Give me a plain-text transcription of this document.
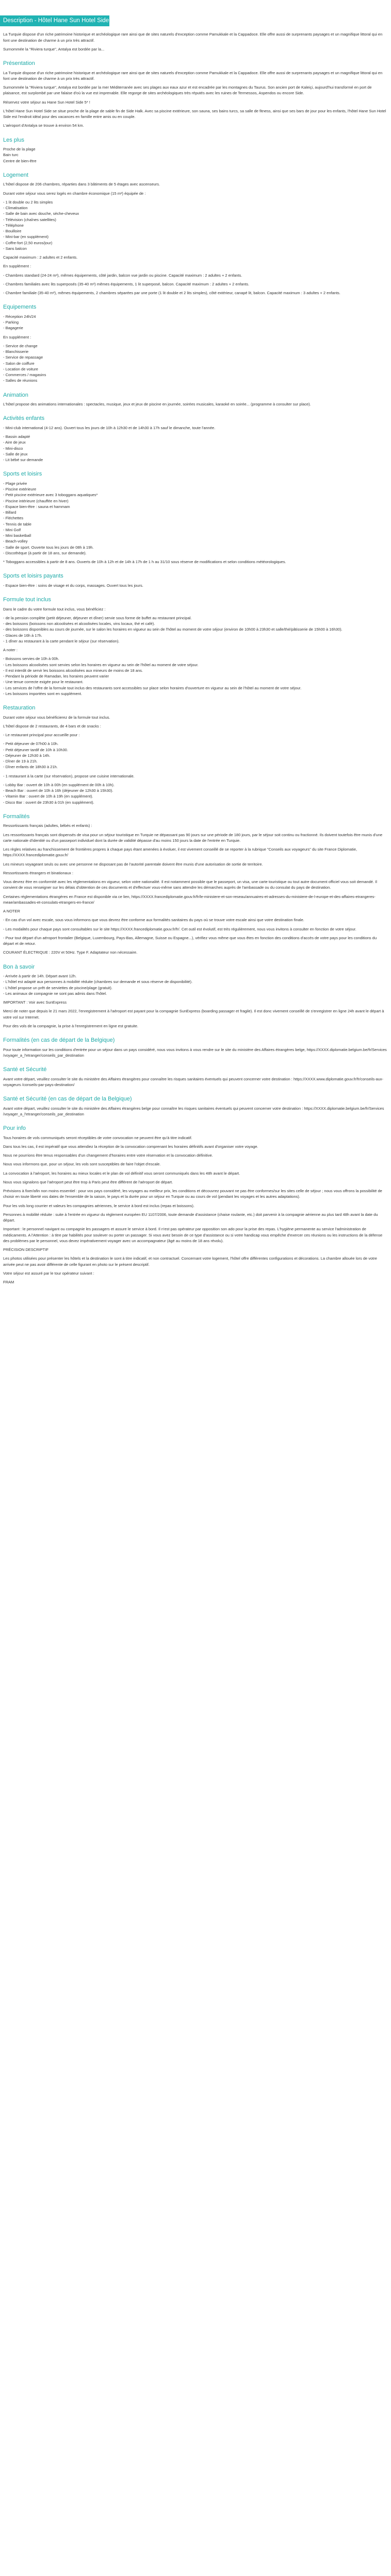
Description - Hôtel Hane Sun Hotel Side *****

La Turquie dispose d'un riche patrimoine historique et archéologique rare ainsi que de sites naturels d'exception comme Pamukkale et la Cappadoce. Elle offre aussi de surprenants paysages et un magnifique littoral qui en font une destination de charme à un prix très attractif.

Surnommée la "Riviera turque", Antalya est bordée par la...

Présentation

La Turquie dispose d'un riche patrimoine historique et archéologique rare ainsi que de sites naturels d'exception comme Pamukkale et la Cappadoce. Elle offre aussi de surprenants paysages et un magnifique littoral qui en font une destination de charme à un prix très attractif.

Surnommée la "Riviera turque", Antalya est bordée par la mer Méditerranée avec ses plages aux eaux azur et est encadrée par les montagnes du Taurus. Son ancien port de Kaleiçi, aujourd'hui transformé en port de plaisance, est surplombé par une falaise d'où la vue est imprenable. Elle regorge de sites archéologiques très réputés avec les ruines de Termessos, Aspendos ou encore Side.

Réservez votre séjour au Hane Sun Hotel Side 5* !

L'hôtel Hane Sun Hotel Side se situe proche de la plage de sable fin de Side Halk. Avec sa piscine extérieure, son sauna, ses bains turcs, sa salle de fitness, ainsi que ses bars de jour pour les enfants, l'hôtel Hane Sun Hotel Side est l'endroit idéal pour des vacances en famille entre amis ou en couple.

L'aéroport d'Antalya se trouve à environ 54 km.

Les plus
Proche de la plage
Bain turc
Centre de bien-être
Logement

L'hôtel dispose de 206 chambres, réparties dans 3 bâtiments de 5 étages avec ascenseurs.

Durant votre séjour vous serez logés en chambre économique (15 m²) équipée de :

- 1 lit double ou 2 lits simples
- Climatisation
- Salle de bain avec douche, sèche-cheveux
- Télévision (chaînes satellites)
- Téléphone
- Bouilloire
- Mini-bar (en supplément)
- Coffre-fort (2,50 euros/jour)
- Sans balcon

Capacité maximum : 2 adultes et 2 enfants.

En supplément :

- Chambres standard (24-24 m²), mêmes équipements, côté jardin, balcon vue jardin ou piscine. Capacité maximum : 2 adultes + 2 enfants.

- Chambres familiales avec lits superposés (35-40 m²) mêmes équipements, 1 lit superposé, balcon. Capacité maximum : 2 adultes + 2 enfants.

- Chambre familiale (35-40 m²), mêmes équipements, 2 chambres séparées par une porte (1 lit double et 2 lits simples), côté extérieur, canapé lit, balcon. Capacité maximum : 3 adultes + 2 enfants.

Equipements
- Réception 24h/24
- Parking
- Bagagerie

En supplément :

- Service de change
- Blanchisserie
- Service de repassage
- Salon de coiffure
- Location de voiture
- Commerces / magasins
- Salles de réunions
Animation

L'hôtel propose des animations internationales : spectacles, musique, jeux et jeux de piscine en journée, soirées musicales, karaoké en soirée... (programme à consulter sur place).

Activités enfants

- Mini-club international (4-12 ans). Ouvert tous les jours de 10h à 12h30 et de 14h30 à 17h sauf le dimanche, toute l'année.

- Bassin adapté
- Aire de jeux
- Mini-disco
- Salle de jeux
- Lit bébé sur demande
Sports et loisirs
- Plage privée
- Piscine extérieure
- Petit piscine extérieure avec 3 toboggans aquatiques*
- Piscine intérieure (chauffée en hiver)
- Espace bien-être : sauna et hammam
- Billard
- Fléchettes
- Tennis de table
- Mini Golf
- Mini basketball
- Beach-volley
- Salle de sport. Ouverte tous les jours de 08h à 19h.
- Discothèque (à partir de 18 ans, sur demande).

* Toboggans accessibles à partir de 8 ans. Ouverts de 10h à 12h et de 14h à 17h de 1 h au 31/10 sous réserve de modifications et selon conditions météorologiques.

Sports et loisirs payants

- Espace bien-être : soins de visage et du corps, massages. Ouvert tous les jours.

Formule tout inclus

Dans le cadre du votre formule tout inclus, vous bénéficiez :

- de la pension complète (petit déjeuner, déjeuner et dîner) servie sous forme de buffet au restaurant principal.
- des boissons (boissons non alcoolisées et alcoolisées locales, vins locaux, thé et café).
- des boissons disponibles au cours de journée, sur le salon les horaires en vigueur au sein de l'hôtel au moment de votre séjour (environ de 10h00 à 23h30 et salle/thé/pâtisserie de 15h00 à 16h30).
- Glaces de 16h à 17h.
- 1 dîner au restaurant à la carte pendant le séjour (sur réservation).

A noter :

- Boissons servies de 10h à 00h.
- Les boissons alcoolisées sont servies selon les horaires en vigueur au sein de l'hôtel au moment de votre séjour.
- Il est interdit de servir les boissons alcoolisées aux mineurs de moins de 18 ans.
- Pendant la période de Ramadan, les horaires peuvent varier
- Une tenue correcte exigée pour le restaurant.
- Les services de l'offre de la formule tout inclus des restaurants sont accessibles sur place selon horaires d'ouverture en vigueur au sein de l'hôtel au moment de votre séjour.
- Les boissons importées sont en supplément.
Restauration

Durant votre séjour vous bénéficierez de la formule tout inclus.

L'hôtel dispose de 2 restaurants, de 4 bars et de snacks :

- Le restaurant principal pour accueille pour :

- Petit déjeuner de 07h00 à 10h.
- Petit déjeuner tardif de 10h à 10h30.
- Déjeuner de 12h30 à 14h.
- Dîner de 19 à 21h.
- Dîner enfants de 18h30 à 21h.

- 1 restaurant à la carte (sur réservation), propose une cuisine internationale.

- Lobby Bar : ouvert de 10h à 00h (en supplément de 00h à 10h).
- Beach Bar : ouvert de 10h à 16h (déjeuner de 12h30 à 15h30).
- Vitamin Bar : ouvert de 10h à 19h (en supplément).
- Disco Bar : ouvert de 23h30 à 01h (en supplément).
Formalités

Ressortissants français (adultes, bébés et enfants) :

Les ressortissants français sont dispensés de visa pour un séjour touristique en Turquie ne dépassant pas 90 jours sur une période de 180 jours, par le séjour soit continu ou fractionné. Ils doivent toutefois être munis d'une carte nationale d'identité ou d'un passeport individuel dont la durée de validité dépasse d'au moins 150 jours la date de l'entrée en Turquie.

Les règles relatives au franchissement de frontières propres à chaque pays étant amenées à évoluer, il est vivement conseillé de se reporter à la rubrique "Conseils aux voyageurs" du site France Diplomatie, https://XXXX.francediplomatie.gouv.fr/

Les mineurs voyageant seuls ou avec une personne ne disposant pas de l'autorité parentale doivent être munis d'une autorisation de sortie de territoire.

Ressortissants étrangers et binationaux :

Vous devrez être en conformité avec les réglementations en vigueur, selon votre nationalité. Il est notamment possible que le passeport, un visa, une carte touristique ou tout autre document officiel vous soit demandé. Il convient de vous renseigner sur les délais d'obtention de ces documents et d'effectuer vous-même sans attendre les démarches auprès de l'ambassade ou du consulat du pays de destination.

Certaines réglementations étrangères en France est disponible via ce lien, https://XXXX.francediplomatie.gouv.fr/fr/le-ministere-et-son-reseau/annuaires-et-adresses-du-ministere-de-l-europe-et-des-affaires-etrangeres-meae/ambassades-et-consulats-etrangers-en-france/

A NOTER

- En cas d'un vol avec escale, sous vous informons que vous devrez être conforme aux formalités sanitaires du pays où se trouve votre escale ainsi que votre destination finale.

- Les modalités pour chaque pays sont consultables sur le site https://XXXX.francediplomatie.gouv.fr/fr/. Cet outil est évolutif, est très régulièrement, nous vous invitons à consulter en fonction de votre séjour.

- Pour tout départ d'un aéroport frontalier (Belgique, Luxembourg, Pays-Bas, Allemagne, Suisse ou Espagne...), vérifiez vous même que vous êtes en fonction des conditions d'accès de votre pays pour les conditions du départ et de retour.

COURANT ÉLECTRIQUE : 220V et 50Hz. Type F. Adaptateur non nécessaire.

Bon à savoir
- Arrivée à partir de 14h. Départ avant 12h.
- L'hôtel est adapté aux personnes à mobilité réduite (chambres sur demande et sous réserve de disponibilité).
- L'hôtel propose un prêt de serviettes de piscine/plage (gratuit).
- Les animaux de compagnie ne sont pas admis dans l'hôtel.

IMPORTANT : Voir avec SunExpress

Merci de noter que depuis le 21 mars 2022, l'enregistrement à l'aéroport est payant pour la compagnie SunExpress (boarding passager et fragile). Il est donc vivement conseillé de s'enregistrer en ligne 24h avant le départ à votre vol sur Internet.

Pour des vols de la compagnie, la prise à l'enregistrement en ligne est gratuite.

Formalités (en cas de départ de la Belgique)

Pour toute information sur les conditions d'entrée pour un séjour dans un pays considéré, nous vous invitons à vous rendre sur le site du ministère des Affaires étrangères belge, https://XXXX.diplomatie.belgium.be/fr/Services /voyager_a_l'etranger/conseils_par_destination

Santé et Sécurité

Avant votre départ, veuillez consulter le site du ministère des Affaires étrangères pour connaître les risques sanitaires éventuels qui peuvent concerner votre destination : https://XXXX.www.diplomatie.gouv.fr/fr/conseils-aux-voyageurs /conseils-par-pays-destination/

Santé et Sécurité (en cas de départ de la Belgique)

Avant votre départ, veuillez consulter le site du ministère des Affaires étrangères belge pour connaître les risques sanitaires éventuels qui peuvent concerner votre destination : https://XXXX.diplomatie.belgium.be/fr/Services /voyager_a_l'etranger/conseils_par_destination

Pour info

Tous horaires de vols communiqués seront réceptibles de votre convocation ne peuvent être qu'à titre indicatif.

Dans tous les cas, il est impératif que vous attendiez la réception de la convocation comprenant les horaires définitifs avant d'organiser votre voyage.

Nous ne pourrions être tenus responsables d'un changement d'horaires entre votre réservation et la convocation définitive.

Nous vous informons que, pour un séjour, les vols sont susceptibles de faire l'objet d'escale.

La convocation à l'aéroport, les horaires au mieux locales et le plan de vol définitif vous seront communiqués dans les 48h avant le départ.

Nous vous signalons que l'aéroport peut être trop à Paris peut être différent de l'aéroport de départ.

Prévisions à fixer/afin non moins essentiel : pour vos pays considéré, les voyages au meilleur prix, les conditions et découvrez pouvant ne pas être conformes/sur les sites celle de séjour ; nous vous offrons la possibilité de choisir en toute liberté vos dates de l'ensemble de la saison, le pays et la durée pour un séjour en Turquie ou au cours de vol (pendant les voyages et les autres adaptations).

Pour les vols long courrier et valeurs les compagnies aériennes, le service à bord est inclus (repas et boissons).

Personnes à mobilité réduite : suite à l'entrée en vigueur du règlement européen EU 1107/2006, toute demande d'assistance (chaise roulante, etc.) doit parvenir à la compagnie aérienne au plus tard 48h avant la date du départ.

Important : le personnel navigant ou compagnie les passagers et assure le service à bord. Il n'est pas opérateur par opposition son ado pour la prise des repas. L'hygiène permanente au service l'administration de médicaments. A l'Attention : à titre par habilités pour soulever ou porter un passager. Si vous avez besoin de ce type d'assistance ou si votre handicap vous empêche d'exercer ces réunions ou les instructions de la défense des problèmes par le personnel, vous devez impérativement voyager avec un accompagnateur (âgé au moins de 18 ans révolu).

PRÉCISION DESCRIPTIF

Les photos utilisées pour présenter les hôtels et la destination le sont à titre indicatif, et non contractuel. Concernant votre logement, l'hôtel offre différentes configurations et décorations. La chambre allouée lors de votre arrivée peut ne pas avoir différente de celle figurant en photo sur le présent descriptif.

Votre séjour est assuré par le tour opérateur suivant :

FRAM
